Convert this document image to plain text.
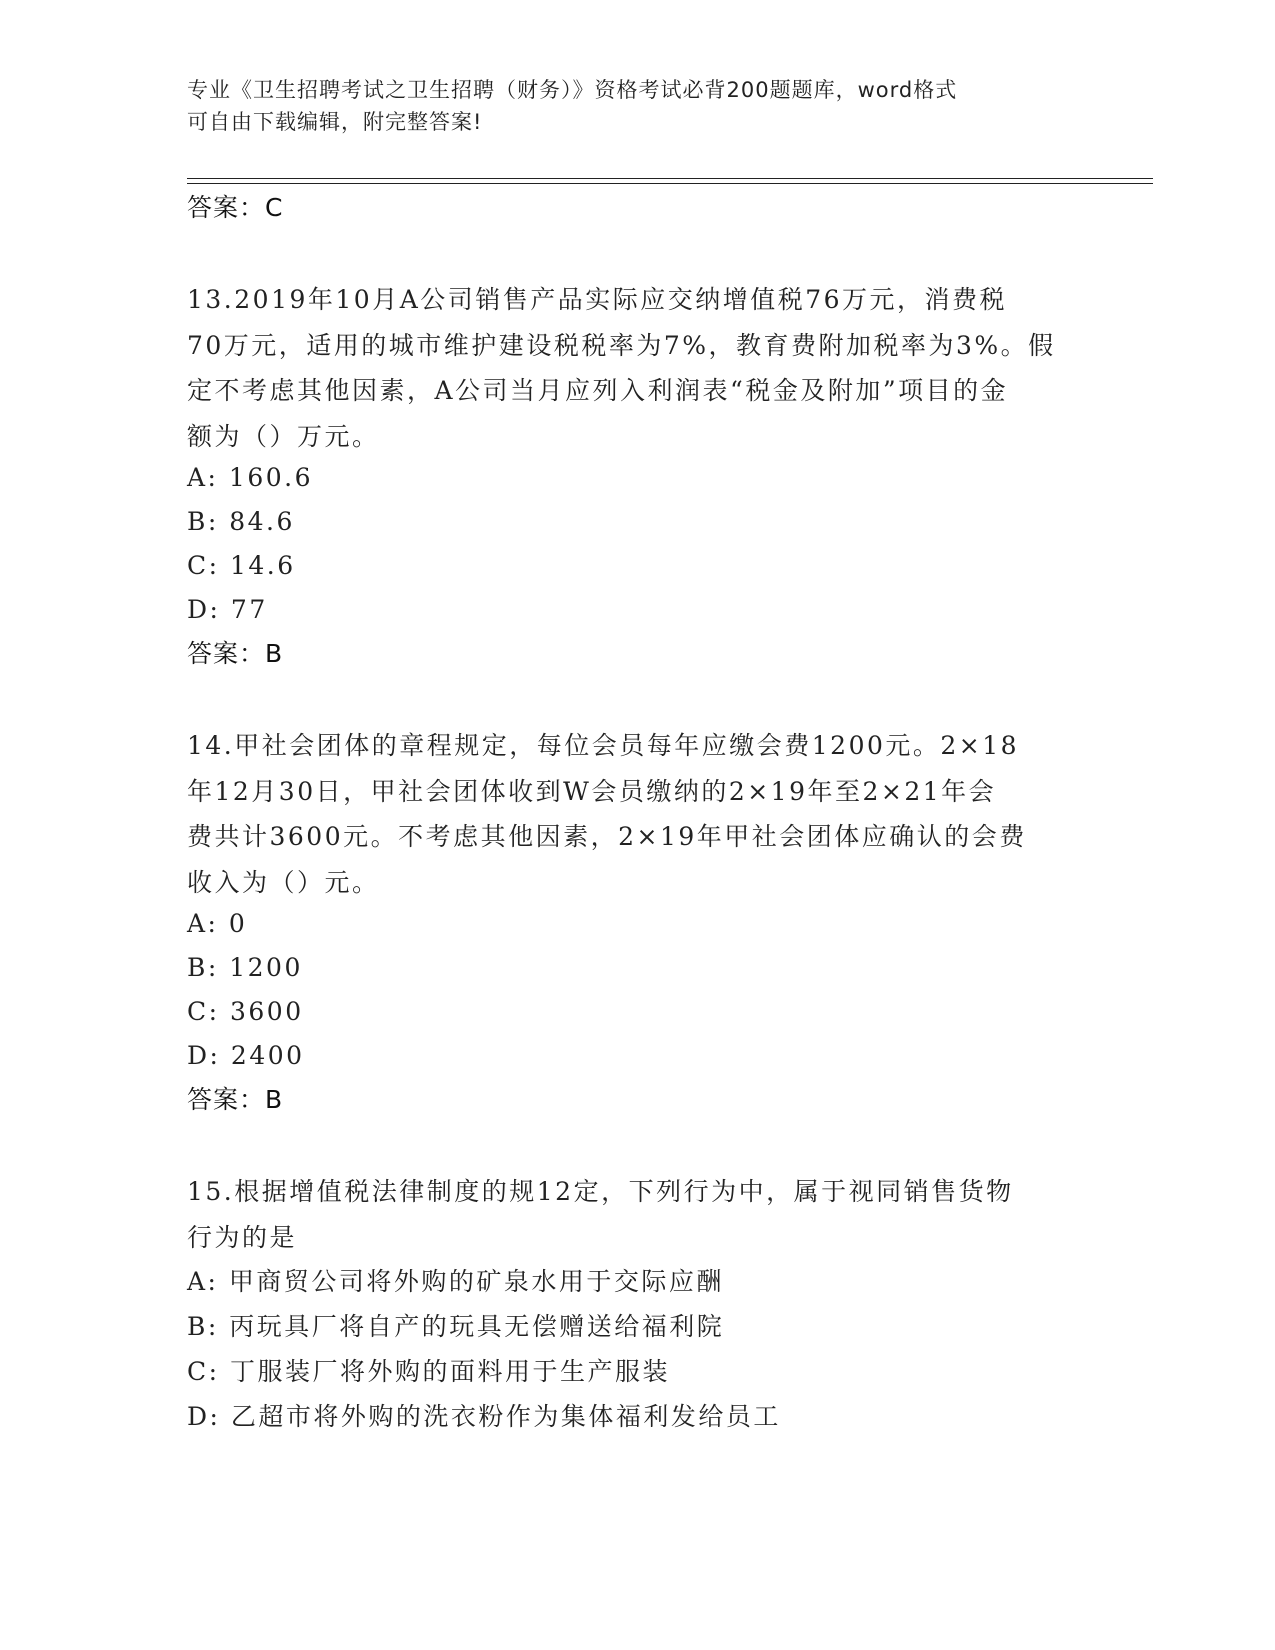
专业《卫生招聘考试之卫生招聘（财务）》资格考试必背200题题库，word格式
可自由下载编辑，附完整答案!
答案：C
13.2019年10月A公司销售产品实际应交纳增值税76万元，消费税
70万元，适用的城市维护建设税税率为7%，教育费附加税率为3%。假
定不考虑其他因素，A公司当月应列入利润表“税金及附加”项目的金
额为（）万元。
A: 160.6
B: 84.6
C: 14.6
D: 77
答案：B
14.甲社会团体的章程规定，每位会员每年应缴会费1200元。2×18
年12月30日，甲社会团体收到W会员缴纳的2×19年至2×21年会
费共计3600元。不考虑其他因素，2×19年甲社会团体应确认的会费
收入为（）元。
A: 0
B: 1200
C: 3600
D: 2400
答案：B
15.根据增值税法律制度的规12定，下列行为中，属于视同销售货物
行为的是
A: 甲商贸公司将外购的矿泉水用于交际应酬
B: 丙玩具厂将自产的玩具无偿赠送给福利院
C: 丁服装厂将外购的面料用于生产服装
D: 乙超市将外购的洗衣粉作为集体福利发给员工
